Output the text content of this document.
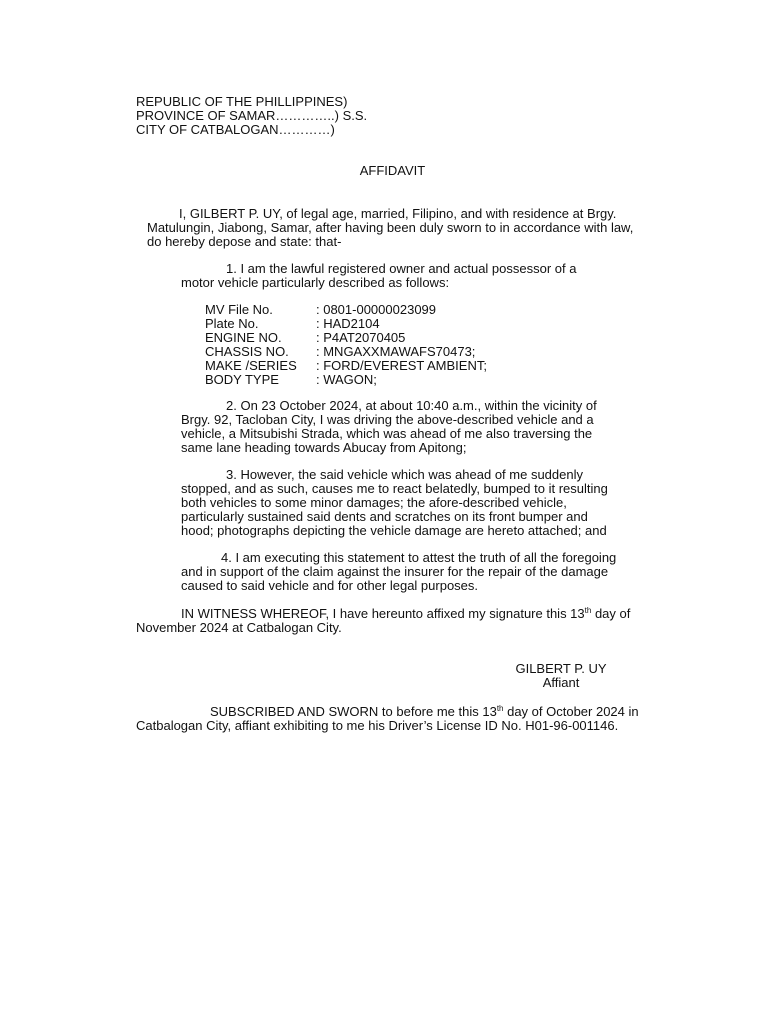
REPUBLIC OF THE PHILLIPPINES)
PROVINCE OF SAMAR…………..) S.S.
CITY OF CATBALOGAN…………)
AFFIDAVIT
I, GILBERT P. UY, of legal age, married, Filipino, and with residence at Brgy.
Matulungin, Jiabong, Samar, after having been duly sworn to in accordance with law,
do hereby depose and state: that-
1. I am the lawful registered owner and actual possessor of a
motor vehicle particularly described as follows:
MV File No.	: 0801-00000023099
Plate No.	: HAD2104
ENGINE NO.	: P4AT2070405
CHASSIS NO. : MNGAXXMAWAFS70473;
MAKE /SERIES : FORD/EVEREST AMBIENT;
BODY TYPE	: WAGON;
2. On 23 October 2024, at about 10:40 a.m., within the vicinity of
Brgy. 92, Tacloban City, I was driving the above-described vehicle and a
vehicle, a Mitsubishi Strada, which was ahead of me also traversing the
same lane heading towards Abucay from Apitong;
3. However, the said vehicle which was ahead of me suddenly
stopped, and as such, causes me to react belatedly, bumped to it resulting
both vehicles to some minor damages; the afore-described vehicle,
particularly sustained said dents and scratches on its front bumper and
hood; photographs depicting the vehicle damage are hereto attached; and
4. I am executing this statement to attest the truth of all the foregoing
and in support of the claim against the insurer for the repair of the damage
caused to said vehicle and for other legal purposes.
IN WITNESS WHEREOF, I have hereunto affixed my signature this 13th day of
November 2024 at Catbalogan City.
GILBERT P. UY
Affiant
SUBSCRIBED AND SWORN to before me this 13th day of October 2024 in
Catbalogan City, affiant exhibiting to me his Driver’s License ID No. H01-96-001146.
